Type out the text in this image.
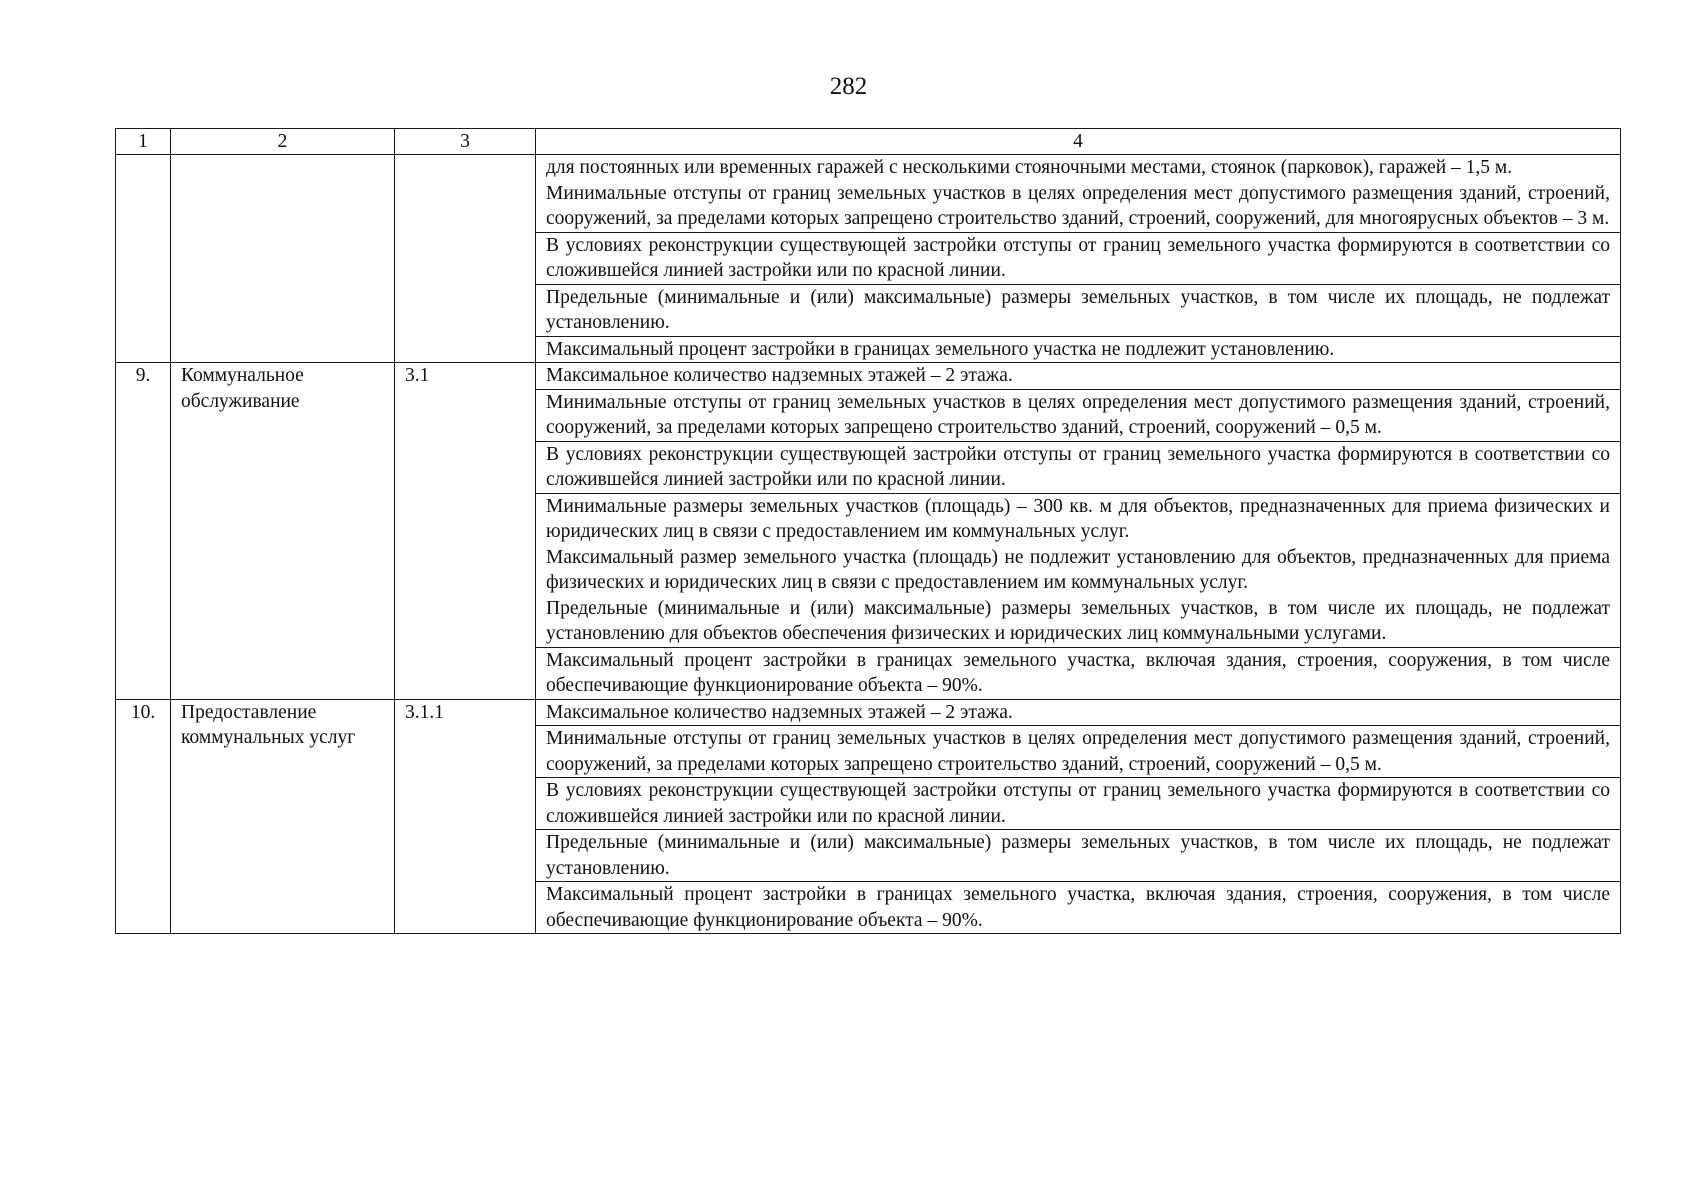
282
1	2	3	4

			для постоянных или временных гаражей с несколькими стояночными местами, стоянок (парковок), гаражей – 1,5 м.

Минимальные отступы от границ земельных участков в целях определения мест допустимого размещения зданий, строений, сооружений, за пределами которых запрещено строительство зданий, строений, сооружений, для многоярусных объектов – 3 м.

			В условиях реконструкции существующей застройки отступы от границ земельного участка формируются в соответствии со сложившейся линией застройки или по красной линии.

			Предельные (минимальные и (или) максимальные) размеры земельных участков, в том числе их площадь, не подлежат установлению.

			Максимальный процент застройки в границах земельного участка не подлежит установлению.

9.	Коммунальное обслуживание	3.1	Максимальное количество надземных этажей – 2 этажа.

			Минимальные отступы от границ земельных участков в целях определения мест допустимого размещения зданий, строений, сооружений, за пределами которых запрещено строительство зданий, строений, сооружений – 0,5 м.

			В условиях реконструкции существующей застройки отступы от границ земельного участка формируются в соответствии со сложившейся линией застройки или по красной линии.

			Минимальные размеры земельных участков (площадь) – 300 кв. м для объектов, предназначенных для приема физических и юридических лиц в связи с предоставлением им коммунальных услуг.

Максимальный размер земельного участка (площадь) не подлежит установлению для объектов, предназначенных для приема физических и юридических лиц в связи с предоставлением им коммунальных услуг.

Предельные (минимальные и (или) максимальные) размеры земельных участков, в том числе их площадь, не подлежат установлению для объектов обеспечения физических и юридических лиц коммунальными услугами.

			Максимальный процент застройки в границах земельного участка, включая здания, строения, сооружения, в том числе обеспечивающие функционирование объекта – 90%.

10.	Предоставление коммунальных услуг	3.1.1	Максимальное количество надземных этажей – 2 этажа.

			Минимальные отступы от границ земельных участков в целях определения мест допустимого размещения зданий, строений, сооружений, за пределами которых запрещено строительство зданий, строений, сооружений – 0,5 м.

			В условиях реконструкции существующей застройки отступы от границ земельного участка формируются в соответствии со сложившейся линией застройки или по красной линии.

			Предельные (минимальные и (или) максимальные) размеры земельных участков, в том числе их площадь, не подлежат установлению.

			Максимальный процент застройки в границах земельного участка, включая здания, строения, сооружения, в том числе обеспечивающие функционирование объекта – 90%.
